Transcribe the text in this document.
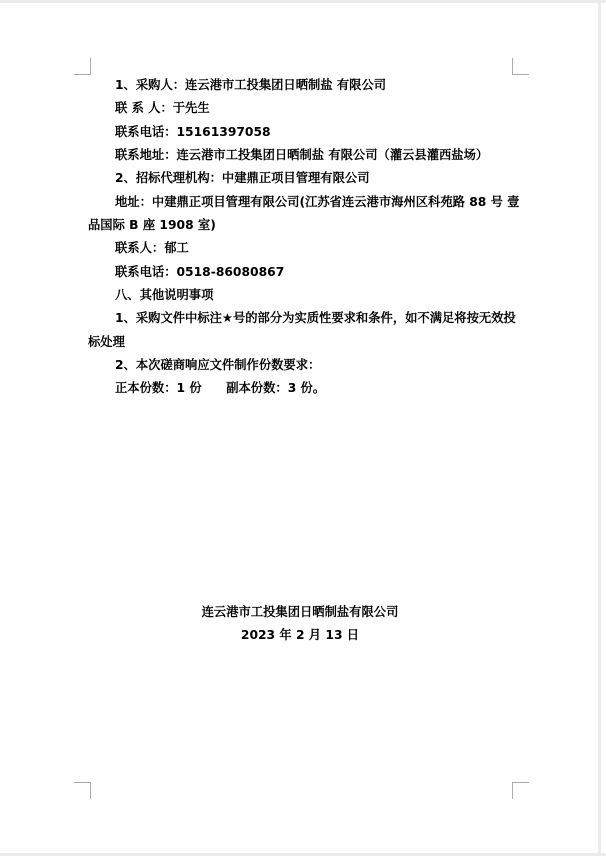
1、采购人：连云港市工投集团日晒制盐 有限公司
联 系 人：于先生
联系电话：15161397058
联系地址：连云港市工投集团日晒制盐 有限公司（灌云县灌西盐场）
2、招标代理机构：中建鼎正项目管理有限公司
地址：中建鼎正项目管理有限公司(江苏省连云港市海州区科苑路 88 号 壹
品国际 B 座 1908 室)
联系人：郁工
联系电话：0518-86080867
八、其他说明事项
1、采购文件中标注★号的部分为实质性要求和条件，如不满足将按无效投
标处理
2、本次磋商响应文件制作份数要求：
正本份数：1 份　　副本份数：3 份。
连云港市工投集团日晒制盐有限公司
2023 年 2 月 13 日
